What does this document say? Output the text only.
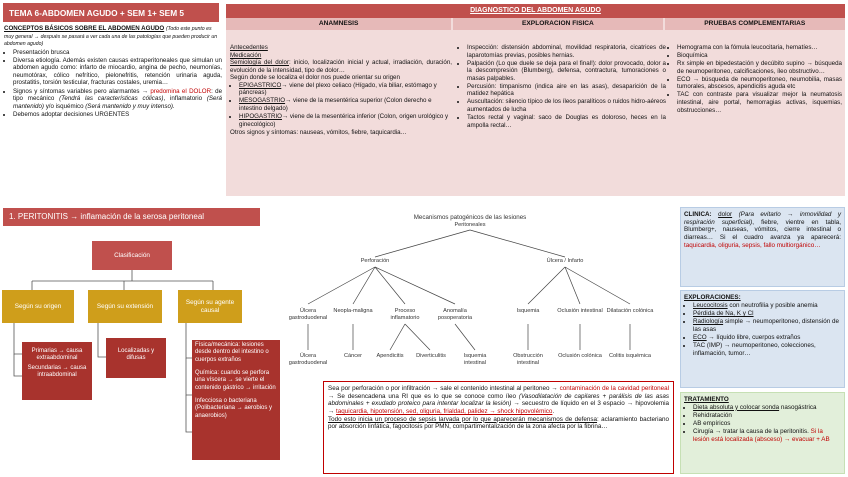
TEMA 6-ABDOMEN AGUDO + SEM 1+ SEM 5
CONCEPTOS BÁSICOS SOBRE EL ABDOMEN AGUDO (Todo este punto es muy general → después se pasará a ver cada una de las patologías que pueden producir un abdomen agudo)
• Presentación brusca
• Diversa etiología. Además existen causas extraperitoneales que simulan un abdomen agudo como: infarto de miocardio, angina de pecho, neumonías, neumotórax, cólico nefrítico, pielonefritis, retención urinaria aguda, prostatitis, torsión testicular, fracturas costales, uremia…
• Signos y síntomas variables pero alarmantes → predomina el DOLOR: de tipo mecánico (Tendrá las características cólicas), inflamatorio (Será mantenido) y/o isquémico (Será mantenido y muy intenso).
• Debemos adoptar decisiones URGENTES
DIAGNOSTICO DEL ABDOMEN AGUDO
ANAMNESIS	EXPLORACION FISICA	PRUEBAS COMPLEMENTARIAS
Antecedentes
Medicación
Semiología del dolor: inicio, localización inicial y actual, irradiación, duración, evolución de la intensidad, tipo de dolor…
Según donde se localiza el dolor nos puede orientar su origen
• EPIGASTRICO→ viene del plexo celiaco (Hígado, vía biliar, estómago y páncreas)
• MESOGASTRIO→ viene de la mesentérica superior (Colon derecho e intestino delgado)
• HIPOGASTRIO→ viene de la mesentérica inferior (Colon, origen urológico y ginecológico)
Otros signos y síntomas: nauseas, vómitos, fiebre, taquicardia…
• Inspección: distensión abdominal, movilidad respiratoria, cicatrices de laparotomías previas, posibles hernias.
• Palpación (Lo que duele se deja para el final!): dolor provocado, dolor a la descompresión (Blumberg), defensa, contractura, tumoraciones o masas palpables.
• Percusión: timpanismo (indica aire en las asas), desaparición de la matidez hepática
• Auscultación: silencio típico de los íleos paralíticos o ruidos hidro-aéreos aumentados de lucha
• Tactos rectal y vaginal: saco de Douglas es doloroso, heces en la ampolla rectal…
• Hemograma con la fómula leucocitaria, hematíes…
• Bioquímica
• Rx simple en bipedestación y decúbito supino → búsqueda de neumoperitoneo, calcificaciones, íleo obstructivo…
• ECO → búsqueda de neumoperitoneo, neumobilia, masas tumorales, abscesos, apendicitis aguda etc
• TAC con contraste para visualizar mejor la neumatosis intestinal, aire portal, hemorragias activas, isquemias, obstrucciones…
1. PERITONITIS → inflamación de la serosa peritoneal
Clasificación
Según su origen	Según su extensión
Según su agente causal
Primarias → causa extraabdominal
Secundarias → causa intraabdominal
Localizadas y difusas
Física/mecánica: lesiones desde dentro del intestino o cuerpos extraños
Química: cuando se perfora una víscera → se vierte el contenido gástrico → irritación
Infecciosa o bacteriana (Polibacteriana → aerobios y anaerobios)
Mecanismos patogénicos de las lesiones
Peritoneales
Perforación	Úlcera / Infarto
Úlcera gastroduodenal
Neopla-maligna	Proceso inflamatorio
Anomalía posoperatoria
Isquemia	Oclusión intestinal Dilatación colónica
Úlcera gastroduodenal
Cáncer	Apendicitis	Diverticulitis	Isquemia intestinal
Obstrucción intestinal
Oclusión colónica	Colitis isquémica
Sea por perforación o por infiltración → sale el contenido intestinal al peritoneo → contaminación de la cavidad peritoneal → Se desencadena una RI que es lo que se conoce como íleo (Vasodilatación de capilares + parálisis de las asas abdominales + exudado proteico para intentar localizar la lesión) → secuestro de líquido en el 3 espacio → hipovolemia → taquicardia, hipotensión, sed, oliguria, frialdad, palidez → shock hipovolémico.
Todo esto inicia un proceso de sepsis larvada por lo que aparecerán mecanismos de defensa: aclaramiento bacteriano por absorción linfática, fagocitosis por PMN, compartimentalización de la zona afecta por la fibrina…
CLINICA: dolor (Para evitarlo → inmovilidad y respiración superficial), fiebre, vientre en tabla, Blumberg+, nauseas, vómitos, cierre intestinal o diarreas… Si el cuadro avanza ya aparecerá: taquicardia, oliguria, sepsis, fallo multiorgánico…
EXPLORACIONES:
• Leucocitosis con neutrofilia y posible anemia
• Pérdida de Na, K y Cl
• Radiología simple → neumoperitoneo, distensión de las asas
• ECO → líquido libre, cuerpos extraños
• TAC (IMP) → neumoperitoneo, colecciones, inflamación, tumor…
TRATAMIENTO
• Dieta absoluta y colocar sonda nasogástrica
• Rehidratación
• AB empíricos
• Cirugía → tratar la causa de la peritonitis. Si la lesión está localizada (absceso) → evacuar + AB
